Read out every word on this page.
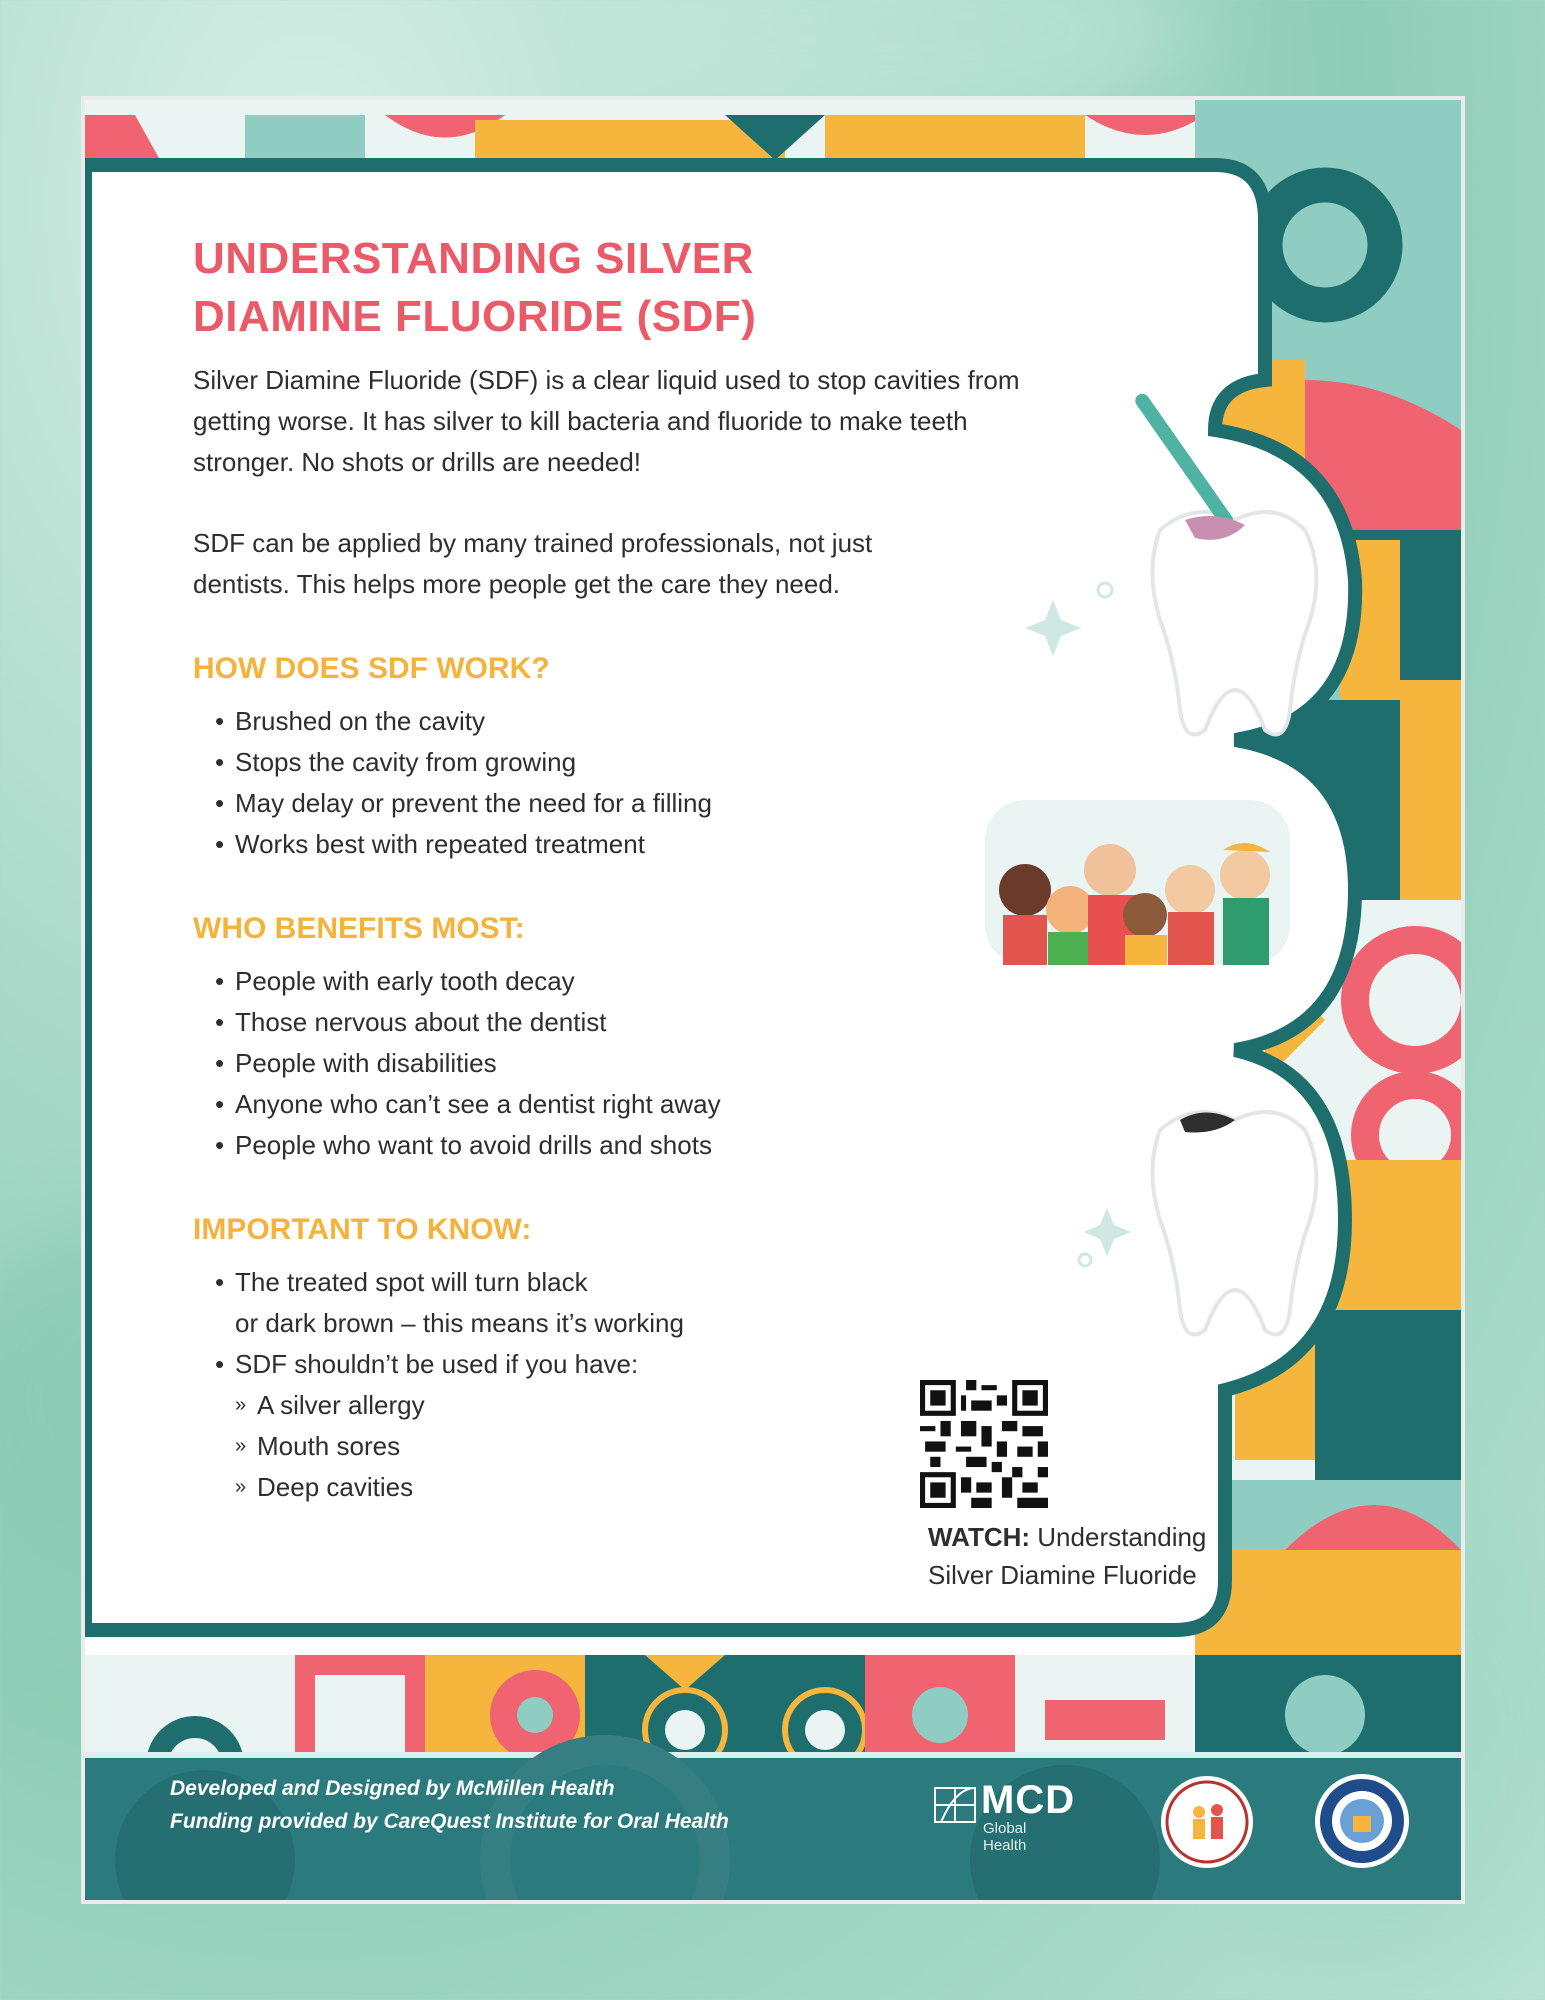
UNDERSTANDING SILVER
DIAMINE FLUORIDE (SDF)

Silver Diamine Fluoride (SDF) is a clear liquid used to stop cavities from getting worse. It has silver to kill bacteria and fluoride to make teeth stronger. No shots or drills are needed!

SDF can be applied by many trained professionals, not just dentists. This helps more people get the care they need.

HOW DOES SDF WORK?
• Brushed on the cavity
• Stops the cavity from growing
• May delay or prevent the need for a filling
• Works best with repeated treatment
WHO BENEFITS MOST:
• People with early tooth decay
• Those nervous about the dentist
• People with disabilities
• Anyone who can’t see a dentist right away
• People who want to avoid drills and shots
IMPORTANT TO KNOW:
• The treated spot will turn black
or dark brown – this means it’s working
• SDF shouldn’t be used if you have:
» A silver allergy
» Mouth sores
» Deep cavities
WATCH: Understanding Silver Diamine Fluoride
Developed and Designed by McMillen Health
Funding provided by CareQuest Institute for Oral Health	MCD
Global Health
